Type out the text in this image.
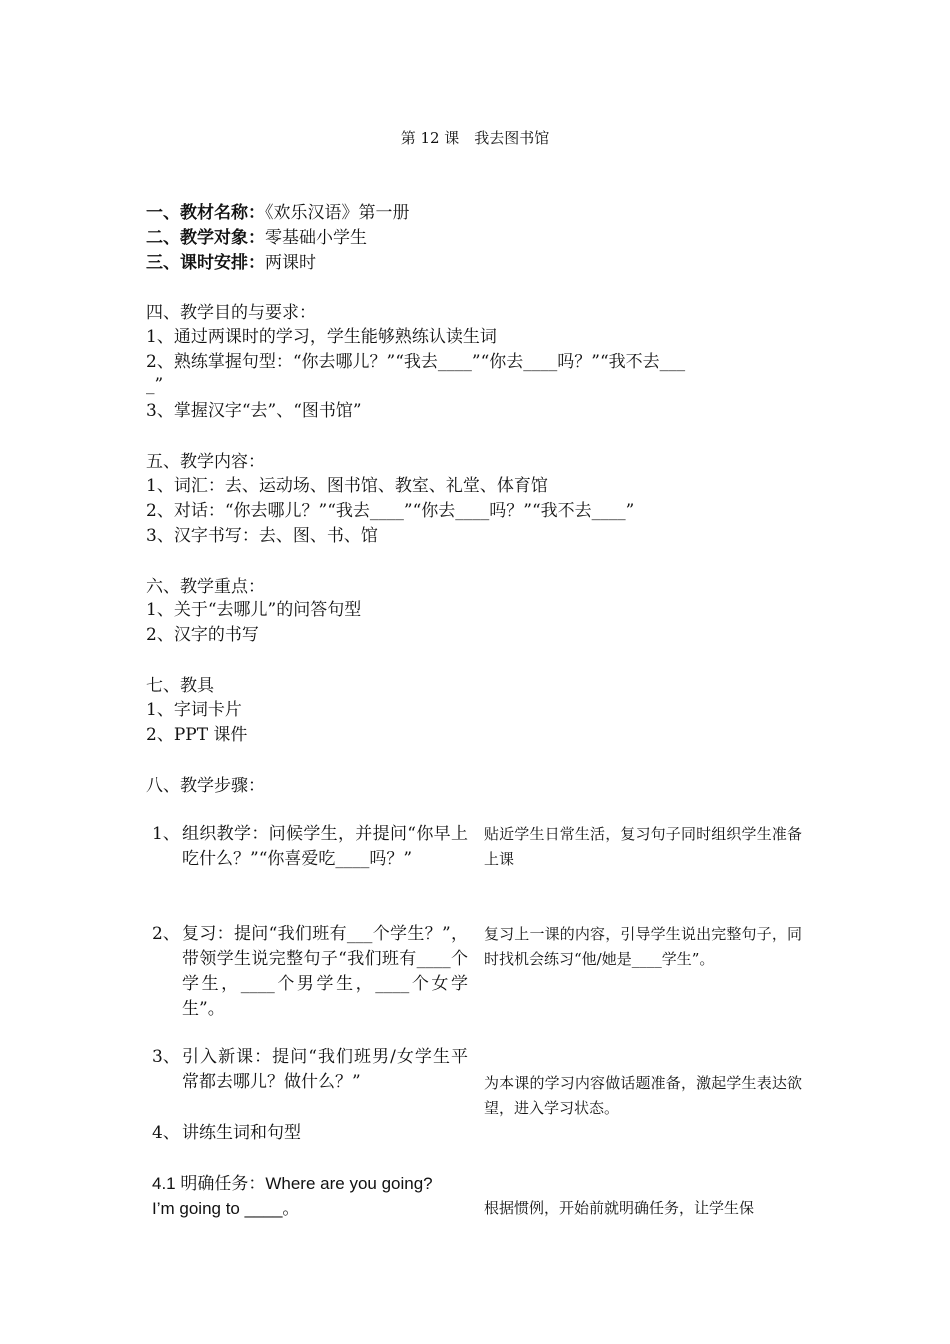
第 12 课　我去图书馆
一、教材名称：《欢乐汉语》第一册
二、教学对象：零基础小学生
三、课时安排：两课时
四、教学目的与要求：
1、通过两课时的学习，学生能够熟练认读生词
2、熟练掌握句型：“你去哪儿？”“我去____”“你去____吗？”“我不去___
_”
3、掌握汉字“去”、“图书馆”
五、教学内容：
1、词汇：去、运动场、图书馆、教室、礼堂、体育馆
2、对话：“你去哪儿？”“我去____”“你去____吗？”“我不去____”
3、汉字书写：去、图、书、馆
六、教学重点：
1、关于“去哪儿”的问答句型
2、汉字的书写
七、教具
1、字词卡片
2、PPT 课件
八、教学步骤：
1、 组织教学：问候学生，并提问“你早上吃什么？”“你喜爱吃____吗？”
贴近学生日常生活，复习句子同时组织学生准备上课
2、 复习：提问“我们班有___个学生？”，带领学生说完整句子“我们班有____个学生，____个男学生，____个女学生”。
复习上一课的内容，引导学生说出完整句子，同时找机会练习“他/她是____学生”。
3、 引入新课：提问“我们班男/女学生平常都去哪儿？做什么？”	为本课的学习内容做话题准备，激起学生表达欲望，进入学习状态。
4、 讲练生词和句型
4.1 明确任务：Where are you going?
I’m going to ____。	根据惯例，开始前就明确任务，让学生保
